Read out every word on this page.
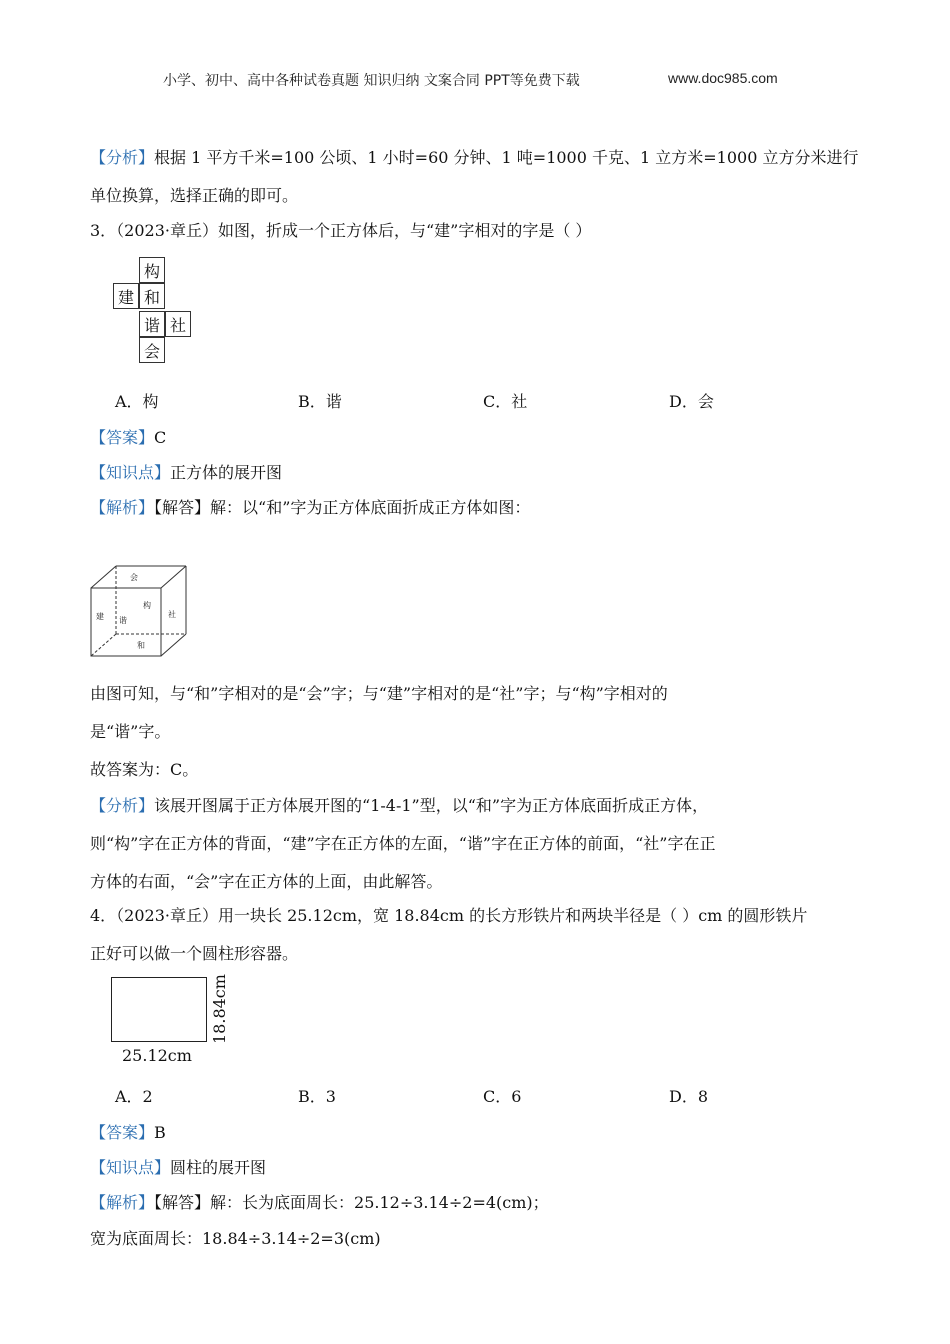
小学、初中、高中各种试卷真题 知识归纳 文案合同 PPT等免费下载	www.doc985.com
【分析】根据 1 平方千米=100 公顷、1 小时=60 分钟、1 吨=1000 千克、1 立方米=1000 立方分米进行
单位换算，选择正确的即可。
3．（2023·章丘）如图，折成一个正方体后，与“建”字相对的字是（ ）
构
建 和
谐 社
会
A．构	B．谐	C．社	D．会
【答案】C
【知识点】正方体的展开图
【解析】【解答】解：以“和”字为正方体底面折成正方体如图：
会
建
构
谐
社
和
由图可知，与“和”字相对的是“会”字；与“建”字相对的是“社”字；与“构”字相对的
是“谐”字。
故答案为：C。
【分析】该展开图属于正方体展开图的“1-4-1”型，以“和”字为正方体底面折成正方体，
则“构”字在正方体的背面，“建”字在正方体的左面，“谐”字在正方体的前面，“社”字在正
方体的右面，“会”字在正方体的上面，由此解答。
4．（2023·章丘）用一块长 25.12cm，宽 18.84cm 的长方形铁片和两块半径是（ ）cm 的圆形铁片
正好可以做一个圆柱形容器。
25.12cm
18.84cm
A．2	B．3	C．6	D．8
【答案】B
【知识点】圆柱的展开图
【解析】【解答】解：长为底面周长：25.12÷3.14÷2=4(cm)；
宽为底面周长：18.84÷3.14÷2=3(cm)
